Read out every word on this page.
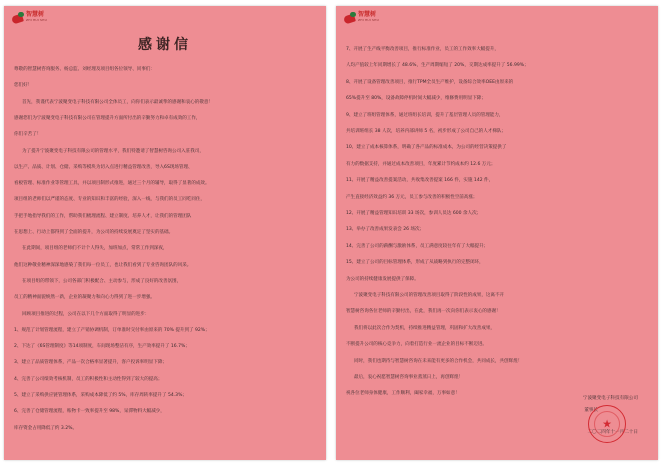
智慧树
ZHI HUI SHU
感谢信
尊敬的智慧树咨询服务、杨总监、刘经理及项目组各位领导、同事们：
您们好！
首先，我谨代表宁波聚变电子科技有限公司全体员工，向你们表示最诚挚的感谢和衷心的敬意！
感谢您们为宁波聚变电子科技有限公司在管理提升方面所付出的辛勤努力和卓有成效的工作，
你们辛苦了！
为了提升宁波聚变电子科技有限公司的管理水平，我们特邀请了智慧树咨询公司入驻我司，
以生产、品质、计划、仓储、采购等模块为切入点进行精益管理改善，导入6S现场管理、
看板管理、标准作业等管理工具，并以项目制形式推进，通过三个月的辅导，取得了显著的成效。
项目组的老师们以严谨的态度、专业的知识和丰富的经验，深入一线，与我们的员工同吃同住，
手把手地指导我们的工作，帮助我们梳理流程、建立制度、培养人才，让我们的管理团队
在思想上、行动上都得到了全面的提升，为公司的持续发展奠定了坚实的基础。
在此期间，项目组的老师们不计个人得失，加班加点，常常工作到深夜，
他们这种敬业精神深深地感染了我们每一位员工，也让我们看到了专业咨询团队的风采。
在项目组的带领下，公司各部门积极配合、主动参与，形成了良好的改善氛围，
员工的精神面貌焕然一新，企业的凝聚力和向心力得到了进一步增强。
回顾项目推进的过程，公司在以下几个方面取得了明显的进步：
1、规范了计划管理流程，建立了产销协调机制，订单准时交付率由原来的 70% 提升到了 92%；
2、下达了《6S管理制度》等14项制度，车间现场整洁有序，生产效率提升了 16.7%；
3、建立了品质管理体系，产品一次合格率显著提升，客户投诉率明显下降；
4、完善了公司绩效考核机制，员工的积极性和主动性得到了较大的提高；
5、建立了采购供应链管理体系，采购成本降低了约 5%，库存周转率提升了 54.3%；
6、完善了仓储管理流程，账物卡一致率提升至 98%，呆滞物料大幅减少，
库存资金占用降低了约 3.2%。
智慧树
ZHI HUI SHU
7、开展了生产线平衡改善项目，推行标准作业，员工的工作效率大幅提升，
人均产值较上年同期增长了 48.6%，生产周期缩短了 20%，交期达成率提升了 56.99%；
8、开展了设备管理改善项目，推行TPM全员生产维护，设备综合效率OEE由原来的
65%提升至 80%，设备故障停机时间大幅减少，维修费用明显下降；
9、建立了班组管理体系，通过班组长培训，提升了基层管理人员的管理能力，
共培训班组长 38 人次，培养内部讲师 5 名，初步形成了公司自己的人才梯队；
10、建立了成本核算体系，明确了各产品的标准成本，为公司的经营决策提供了
有力的数据支持，并通过成本改善项目，年度累计节约成本约 12.6 万元；
11、开展了精益改善提案活动，共收集改善提案 166 件，实施 142 件，
产生直接经济效益约 36 万元，员工参与改善的积极性空前高涨；
12、开展了精益管理知识培训 33 场次，参训人员达 600 余人次；
13、举办了改善成果发表会 26 场次；
14、完善了公司的薪酬与激励体系，员工满意度较往年有了大幅提升；
15、建立了公司的目标管理体系，形成了从战略到执行的完整闭环，
为公司的持续健康发展提供了保障。
宁波聚变电子科技有限公司的管理改善项目取得了阶段性的成果，这离不开
智慧树咨询各位老师的辛勤付出，在此，我们再一次向你们表示衷心的感谢！
我们将以此次合作为契机，持续推进精益管理，巩固和扩大改善成果，
不断提升公司的核心竞争力，向着打造行业一流企业的目标不断迈进。
同时，我们也期待与智慧树咨询在未来能有更多的合作机会，共同成长，共创辉煌！
最后，衷心祝愿智慧树咨询事业蒸蒸日上，再创辉煌！
祝各位老师身体健康，工作顺利，阖家幸福，万事如意！
宁波聚变电子科技有限公司
董事长
二〇二四年十一月二十日
★
